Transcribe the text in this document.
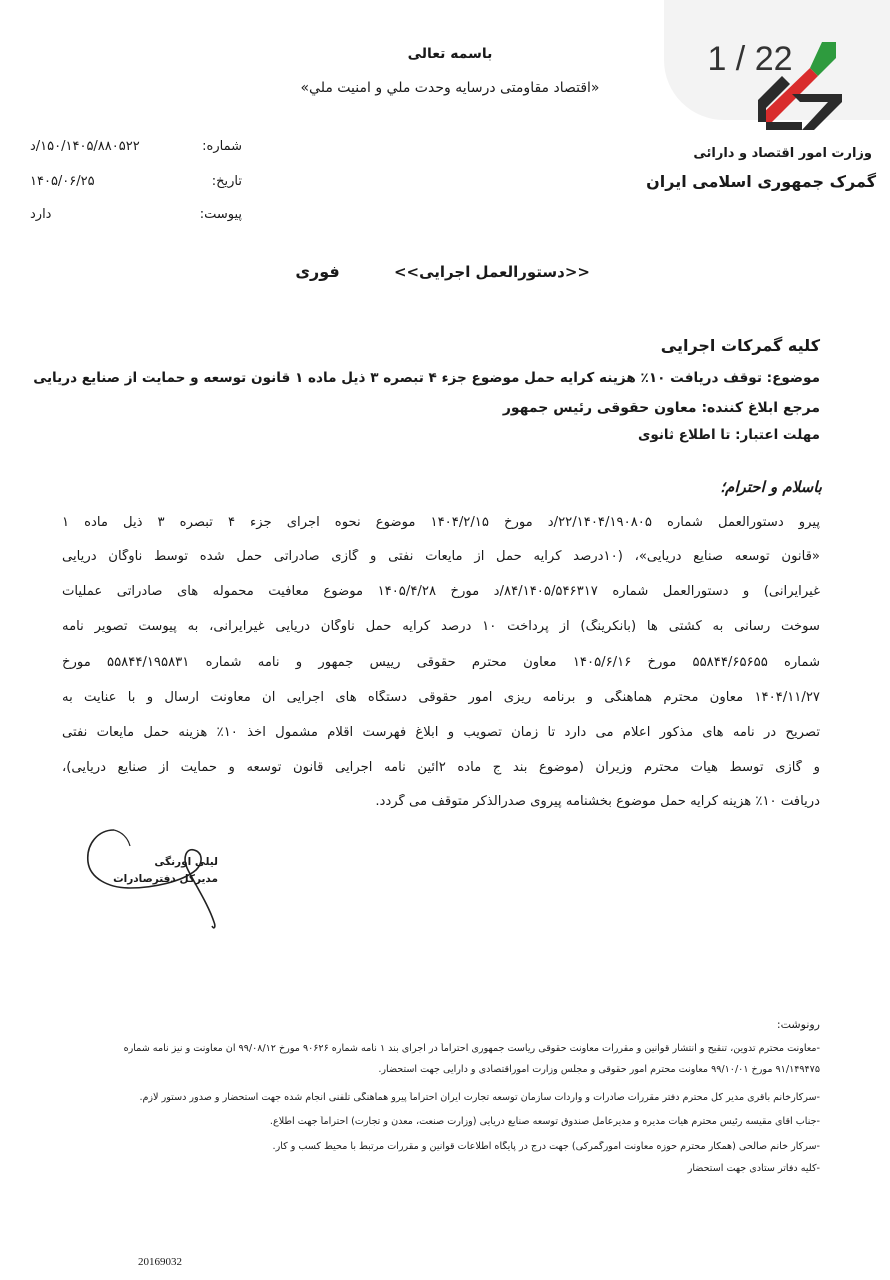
1 / 22
وزارت امور اقتصاد و دارائی
گمرک جمهوری اسلامی ایران
باسمه تعالی
«اقتصاد مقاومتی درسایه وحدت ملي و امنیت ملي»
شماره:
۱۵۰/۱۴۰۵/۸۸۰۵۲۲/د
تاریخ:
۱۴۰۵/۰۶/۲۵
پیوست:
دارد
<<دستورالعمل اجرایی>>  فوری
کلیه گمرکات اجرایی
موضوع: توقف دریافت ۱۰٪ هزینه کرایه حمل موضوع جزء ۴ تبصره ۳ ذیل ماده ۱ قانون توسعه و حمایت از صنایع دریایی
مرجع ابلاغ کننده: معاون حقوقی رئیس جمهور
مهلت اعتبار: تا اطلاع ثانوی
باسلام و احترام؛
پیرو دستورالعمل شماره ۲۲/۱۴۰۴/۱۹۰۸۰۵/د مورخ ۱۴۰۴/۲/۱۵ موضوع نحوه اجرای جزء ۴ تبصره ۳ ذیل ماده ۱
«قانون توسعه صنایع دریایی»، (۱۰درصد کرایه حمل از مایعات نفتی و گازی صادراتی حمل شده توسط ناوگان دریایی
غیرایرانی) و دستورالعمل شماره ۸۴/۱۴۰۵/۵۴۶۳۱۷/د مورخ ۱۴۰۵/۴/۲۸ موضوع معافیت محموله های صادراتی عملیات
سوخت رسانی به کشتی ها (بانکرینگ) از پرداخت ۱۰ درصد کرایه حمل ناوگان دریایی غیرایرانی، به پیوست تصویر نامه
شماره ۵۵۸۴۴/۶۵۶۵۵ مورخ ۱۴۰۵/۶/۱۶ معاون محترم حقوقی رییس جمهور و نامه شماره ۵۵۸۴۴/۱۹۵۸۳۱ مورخ
۱۴۰۴/۱۱/۲۷ معاون محترم هماهنگی و برنامه ریزی امور حقوقی دستگاه های اجرایی آن معاونت ارسال و با عنایت به
تصریح در نامه های مذکور اعلام می دارد تا زمان تصویب و ابلاغ فهرست اقلام مشمول اخذ ۱۰٪ هزینه حمل مایعات نفتی
و گازی توسط هیأت محترم وزیران (موضوع بند ج ماده ۲آئین نامه اجرایی قانون توسعه و حمایت از صنایع دریایی)،
دریافت ۱۰٪ هزینه کرایه حمل موضوع بخشنامه پیروی صدرالذکر متوقف می گردد.
لیلی اورنگی
مدیرکل دفترصادرات
رونوشت:
-معاونت محترم تدوین، تنقیح و انتشار قوانین و مقررات معاونت حقوقی ریاست جمهوری احتراماً در اجرای بند ۱ نامه شماره ۹۰۶۲۶ مورخ ۹۹/۰۸/۱۲ آن معاونت و نیز نامه شماره
۹۱/۱۴۹۴۷۵ مورخ ۹۹/۱۰/۰۱ معاونت محترم امور حقوقی و مجلس وزارت اموراقتصادی و دارایی جهت استحضار.
-سرکارخانم باقری مدیر کل محترم دفتر مقررات صادرات و واردات سازمان توسعه تجارت ایران احتراماً پیرو هماهنگی تلفنی انجام شده جهت استحضار و صدور دستور لازم.
-جناب آقای مقیسه رئیس محترم هیأت مدیره و مدیرعامل صندوق توسعه صنایع دریایی (وزارت صنعت، معدن و تجارت) احتراماً جهت اطلاع.
-سرکار خانم صالحی (همکار محترم حوزه معاونت امورگمرکی) جهت درج در پایگاه اطلاعات قوانین و مقررات مرتبط با محیط کسب و کار.
-کلیه دفاتر ستادی جهت استحضار
20169032
